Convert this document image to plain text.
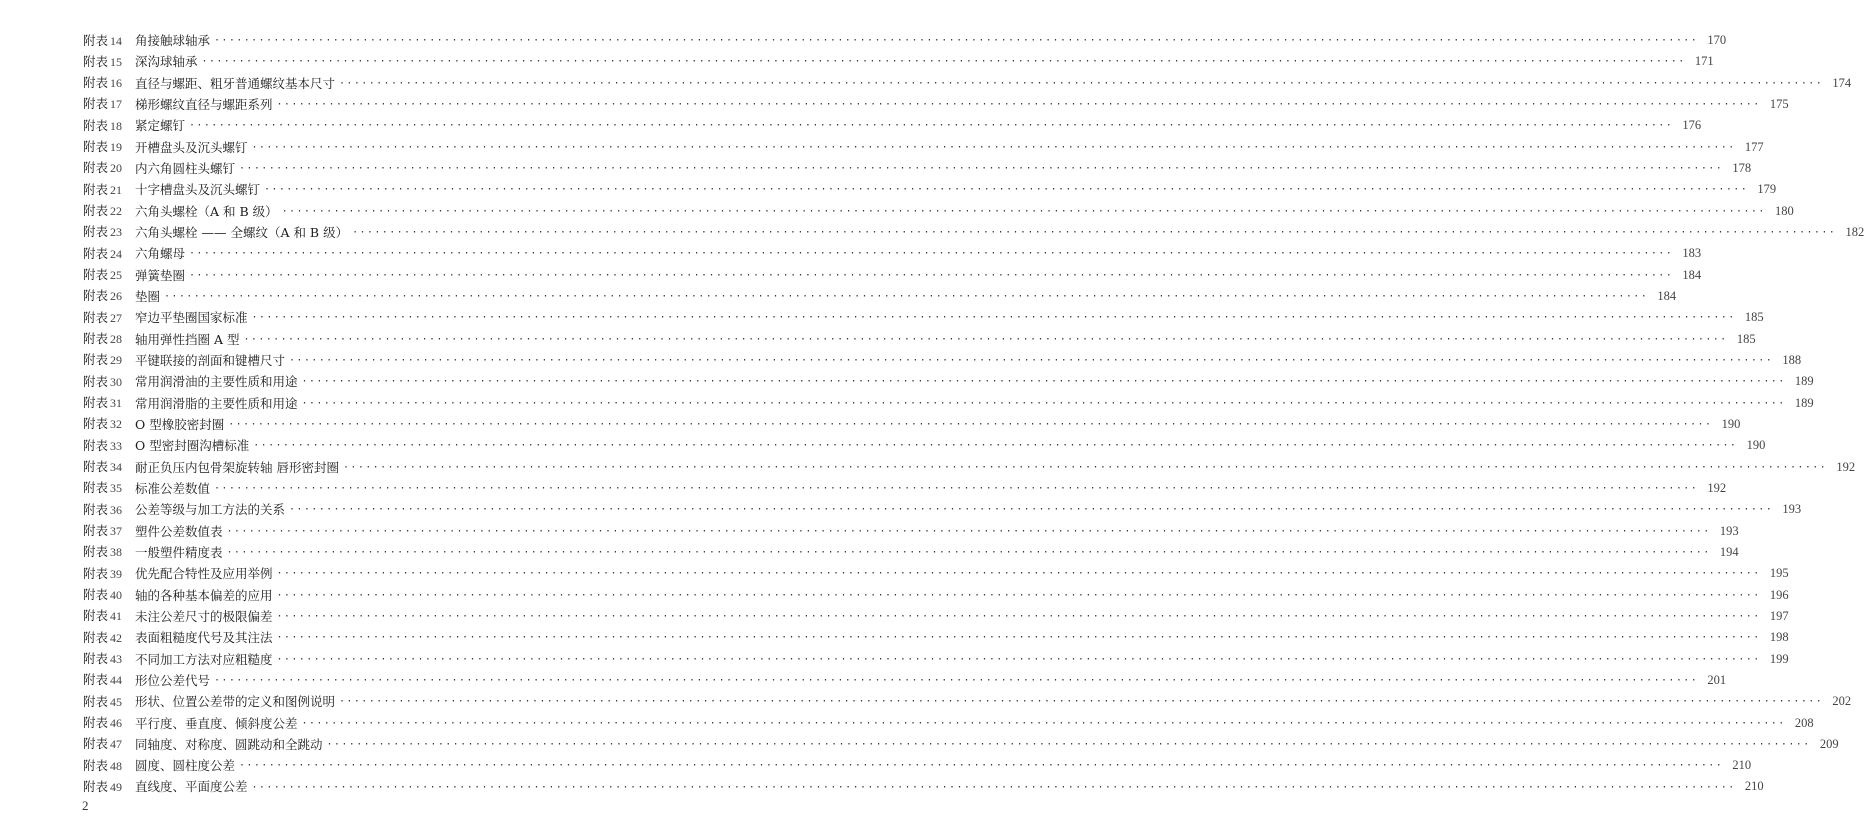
附表 14	角接触球轴承 ········································································································································································································ 170
附表 15	深沟球轴承 ········································································································································································································ 171
附表 16	直径与螺距、粗牙普通螺纹基本尺寸 ········································································································································································································ 174
附表 17	梯形螺纹直径与螺距系列 ········································································································································································································ 175
附表 18	紧定螺钉 ········································································································································································································ 176
附表 19	开槽盘头及沉头螺钉 ········································································································································································································ 177
附表 20	内六角圆柱头螺钉 ········································································································································································································ 178
附表 21	十字槽盘头及沉头螺钉 ········································································································································································································ 179
附表 22	六角头螺栓（A 和 B 级） ········································································································································································································ 180
附表 23	六角头螺栓 —— 全螺纹（A 和 B 级） ········································································································································································································ 182
附表 24	六角螺母 ········································································································································································································ 183
附表 25	弹簧垫圈 ········································································································································································································ 184
附表 26	垫圈 ········································································································································································································ 184
附表 27	窄边平垫圈国家标准 ········································································································································································································ 185
附表 28	轴用弹性挡圈 A 型 ········································································································································································································ 185
附表 29	平键联接的剖面和键槽尺寸 ········································································································································································································ 188
附表 30	常用润滑油的主要性质和用途 ········································································································································································································ 189
附表 31	常用润滑脂的主要性质和用途 ········································································································································································································ 189
附表 32	O 型橡胶密封圈 ········································································································································································································ 190
附表 33	O 型密封圈沟槽标准 ········································································································································································································ 190
附表 34	耐正负压内包骨架旋转轴 唇形密封圈 ········································································································································································································ 192
附表 35	标准公差数值 ········································································································································································································ 192
附表 36	公差等级与加工方法的关系 ········································································································································································································ 193
附表 37	塑件公差数值表 ········································································································································································································ 193
附表 38	一般塑件精度表 ········································································································································································································ 194
附表 39	优先配合特性及应用举例 ········································································································································································································ 195
附表 40	轴的各种基本偏差的应用 ········································································································································································································ 196
附表 41	未注公差尺寸的极限偏差 ········································································································································································································ 197
附表 42	表面粗糙度代号及其注法 ········································································································································································································ 198
附表 43	不同加工方法对应粗糙度 ········································································································································································································ 199
附表 44	形位公差代号 ········································································································································································································ 201
附表 45	形状、位置公差带的定义和图例说明 ········································································································································································································ 202
附表 46	平行度、垂直度、倾斜度公差 ········································································································································································································ 208
附表 47	同轴度、对称度、圆跳动和全跳动 ········································································································································································································ 209
附表 48	圆度、圆柱度公差 ········································································································································································································ 210
附表 49	直线度、平面度公差 ········································································································································································································ 210
2
